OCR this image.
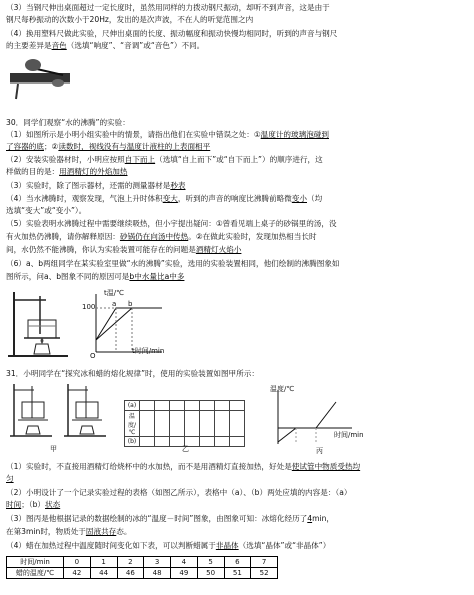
（3）当钢尺伸出桌面超过一定长度时，虽然用同样的力拨动钢尺振动，却听不到声音，这是由于
钢尺每秒振动的次数小于20Hz，发出的是次声波，不在人的听觉范围之内
（4）换用塑料尺做此实验，尺伸出桌面的长度、振动幅度和振动快慢均相同时，听到的声音与钢尺
的主要差异是音色（选填“响度”、“音调”或“音色”）不同。
30．同学们观察“水的沸腾”的实验：
（1）如图所示是小明小组实验中的情景，请指出他们在实验中错误之处：①温度计的玻璃泡碰到
了容器的底；②读数时，视线没有与温度计液柱的上表面相平
（2）安装实验器材时，小明应按照自下而上（选填“自上而下”或“自下而上”）的顺序进行，这
样做的目的是：用酒精灯的外焰加热
（3）实验时，除了图示器材，还需的测量器材是秒表
（4）当水沸腾时，观察发现，气泡上升时体积变大，听到的声音的响度比沸腾前略微变小（均
选填“变大”或“变小”）。
（5）实验表明水沸腾过程中需要继续吸热，但小宇提出疑问：①曾看见端上桌子的砂锅里的汤，没
有火加热仍沸腾，请你解释原因：砂锅仍在向汤中传热。②在做此实验时，发现加热相当长时
间，水仍然不能沸腾，你认为实验装置可能存在的问题是酒精灯火焰小
（6）a、b两组同学在某实验室里做“水的沸腾”实验，选用的实验装置相同，他们绘制的沸腾图象如
图所示，问a、b图象不同的原因可是b中水量比a中多
t温/℃
100
t时间/min
a b
O
31．小明同学在“探究冰和蜡的熔化规律”时，使用的实验装置如图甲所示：
甲
(a)							
温度/℃							
(b)							
乙
温度/℃
时间/min
丙
（1）实验时，不直接用酒精灯给烧杯中的水加热，而不是用酒精灯直接加热，好处是使试管中物质受热均
匀
（2）小明设计了一个记录实验过程的表格（如图乙所示），表格中（a）、（b）两处应填的内容是：（a）
时间；（b）状态
（3）图丙是他根据记录的数据绘制的冰的“温度－时间”图象，由图象可知：冰熔化经历了4min，
在第3min时，物质处于固液共存态。
（4）蜡在加热过程中温度随时间变化如下表，可以判断蜡属于非晶体（选填“晶体”或“非晶体”）
时间/min	0	1	2	3	4	5	6	7
蜡的温度/℃	42	44	46	48	49	50	51	52
